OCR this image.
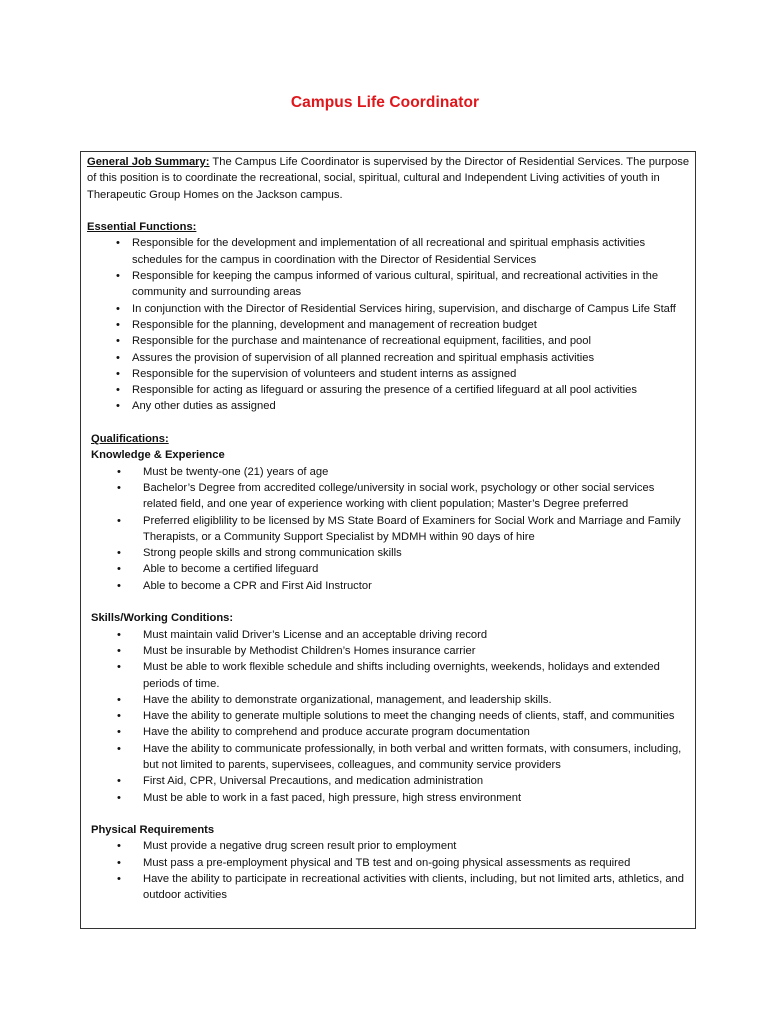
Campus Life Coordinator

General Job Summary: The Campus Life Coordinator is supervised by the Director of Residential Services. The purpose of this position is to coordinate the recreational, social, spiritual, cultural and Independent Living activities of youth in Therapeutic Group Homes on the Jackson campus.

Essential Functions:

• Responsible for the development and implementation of all recreational and spiritual emphasis activities schedules for the campus in coordination with the Director of Residential Services
• Responsible for keeping the campus informed of various cultural, spiritual, and recreational activities in the community and surrounding areas
• In conjunction with the Director of Residential Services hiring, supervision, and discharge of Campus Life Staff
• Responsible for the planning, development and management of recreation budget
• Responsible for the purchase and maintenance of recreational equipment, facilities, and pool
• Assures the provision of supervision of all planned recreation and spiritual emphasis activities
• Responsible for the supervision of volunteers and student interns as assigned
• Responsible for acting as lifeguard or assuring the presence of a certified lifeguard at all pool activities
• Any other duties as assigned

Qualifications:

Knowledge & Experience

• Must be twenty-one (21) years of age
• Bachelor’s Degree from accredited college/university in social work, psychology or other social services related field, and one year of experience working with client population; Master’s Degree preferred
• Preferred eligiblility to be licensed by MS State Board of Examiners for Social Work and Marriage and Family Therapists, or a Community Support Specialist by MDMH within 90 days of hire
• Strong people skills and strong communication skills
• Able to become a certified lifeguard
• Able to become a CPR and First Aid Instructor

Skills/Working Conditions:

• Must maintain valid Driver’s License and an acceptable driving record
• Must be insurable by Methodist Children’s Homes insurance carrier
• Must be able to work flexible schedule and shifts including overnights, weekends, holidays and extended periods of time.
• Have the ability to demonstrate organizational, management, and leadership skills.
• Have the ability to generate multiple solutions to meet the changing needs of clients, staff, and communities
• Have the ability to comprehend and produce accurate program documentation
• Have the ability to communicate professionally, in both verbal and written formats, with consumers, including, but not limited to parents, supervisees, colleagues, and community service providers
• First Aid, CPR, Universal Precautions, and medication administration
• Must be able to work in a fast paced, high pressure, high stress environment

Physical Requirements

• Must provide a negative drug screen result prior to employment
• Must pass a pre-employment physical and TB test and on-going physical assessments as required
• Have the ability to participate in recreational activities with clients, including, but not limited arts, athletics, and outdoor activities
